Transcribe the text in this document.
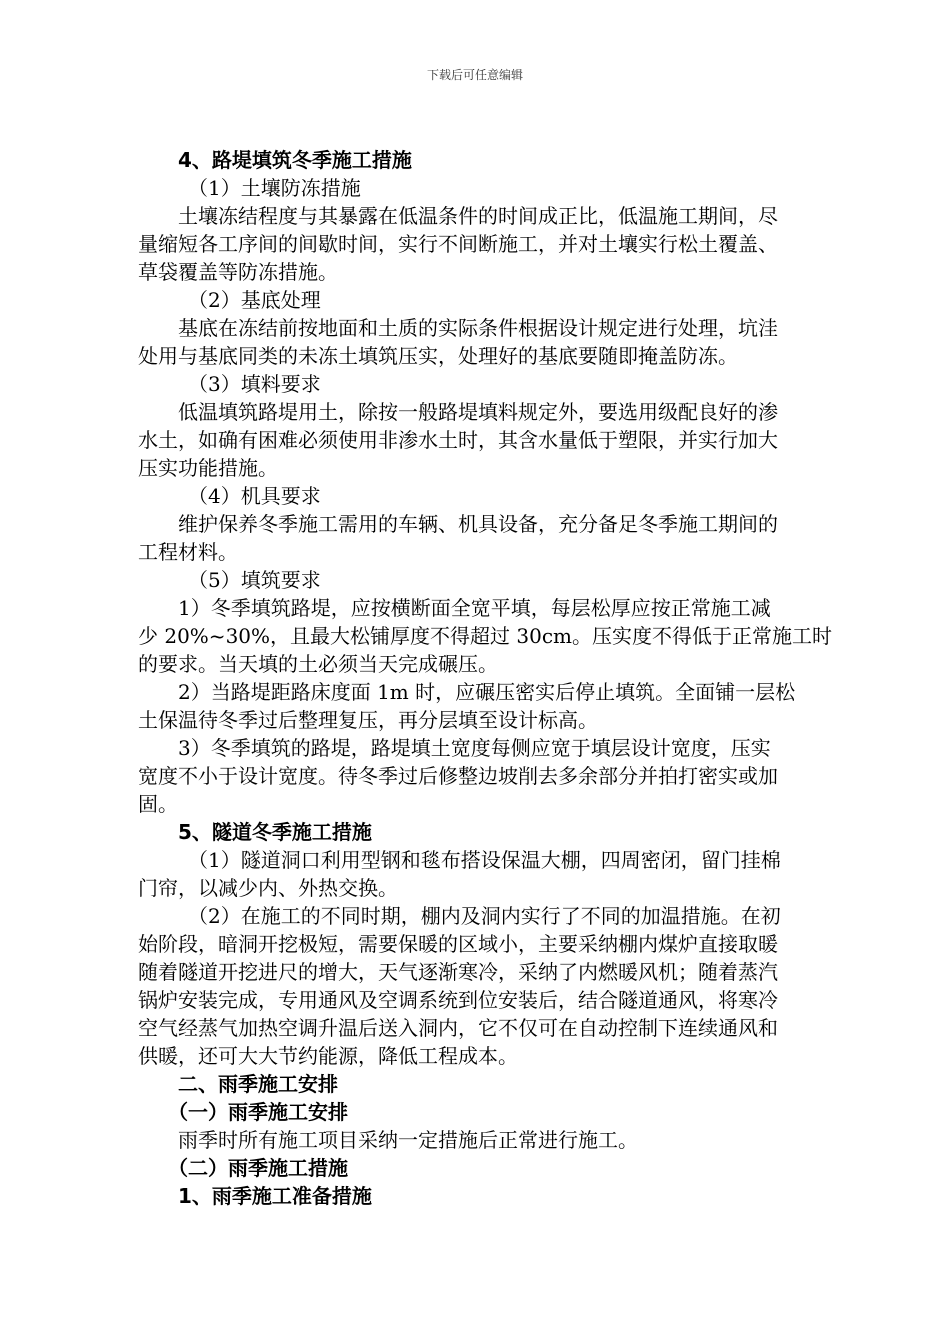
下载后可任意编辑
4、路堤填筑冬季施工措施
（1）土壤防冻措施
土壤冻结程度与其暴露在低温条件的时间成正比，低温施工期间，尽
量缩短各工序间的间歇时间，实行不间断施工，并对土壤实行松土覆盖、
草袋覆盖等防冻措施。
（2）基底处理
基底在冻结前按地面和土质的实际条件根据设计规定进行处理，坑洼
处用与基底同类的未冻土填筑压实，处理好的基底要随即掩盖防冻。
（3）填料要求
低温填筑路堤用土，除按一般路堤填料规定外，要选用级配良好的渗
水土，如确有困难必须使用非渗水土时，其含水量低于塑限，并实行加大
压实功能措施。
（4）机具要求
维护保养冬季施工需用的车辆、机具设备，充分备足冬季施工期间的
工程材料。
（5）填筑要求
1）冬季填筑路堤，应按横断面全宽平填，每层松厚应按正常施工减
少 20%~30%，且最大松铺厚度不得超过 30cm。压实度不得低于正常施工时
的要求。当天填的土必须当天完成碾压。
2）当路堤距路床度面 1m 时，应碾压密实后停止填筑。全面铺一层松
土保温待冬季过后整理复压，再分层填至设计标高。
3）冬季填筑的路堤，路堤填土宽度每侧应宽于填层设计宽度，压实
宽度不小于设计宽度。待冬季过后修整边坡削去多余部分并拍打密实或加
固。
5、隧道冬季施工措施
（1）隧道洞口利用型钢和毯布搭设保温大棚，四周密闭，留门挂棉
门帘，以减少内、外热交换。
（2）在施工的不同时期，棚内及洞内实行了不同的加温措施。在初
始阶段，暗洞开挖极短，需要保暖的区域小，主要采纳棚内煤炉直接取暖
随着隧道开挖进尺的增大，天气逐渐寒冷，采纳了内燃暖风机；随着蒸汽
锅炉安装完成，专用通风及空调系统到位安装后，结合隧道通风，将寒冷
空气经蒸气加热空调升温后送入洞内，它不仅可在自动控制下连续通风和
供暖，还可大大节约能源，降低工程成本。
二、雨季施工安排
（一）雨季施工安排
雨季时所有施工项目采纳一定措施后正常进行施工。
（二）雨季施工措施
1、雨季施工准备措施
